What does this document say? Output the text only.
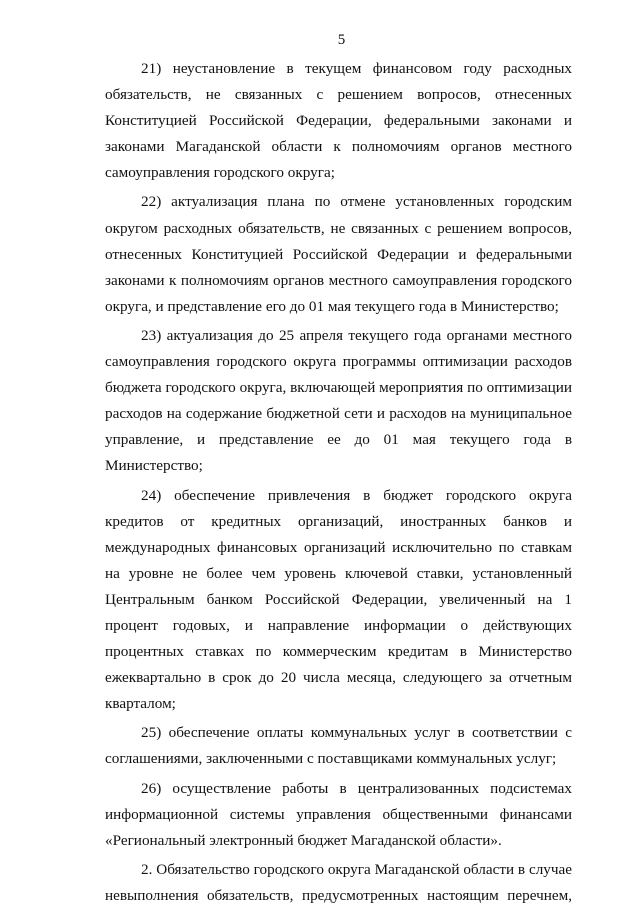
5

21) неустановление в текущем финансовом году расходных обязательств, не связанных с решением вопросов, отнесенных Конституцией Российской Федерации, федеральными законами и законами Магаданской области к полномочиям органов местного самоуправления городского округа;

22) актуализация плана по отмене установленных городским округом расходных обязательств, не связанных с решением вопросов, отнесенных Конституцией Российской Федерации и федеральными законами к полномочиям органов местного самоуправления городского округа, и представление его до 01 мая текущего года в Министерство;

23) актуализация до 25 апреля текущего года органами местного самоуправления городского округа программы оптимизации расходов бюджета городского округа, включающей мероприятия по оптимизации расходов на содержание бюджетной сети и расходов на муниципальное управление, и представление ее до 01 мая текущего года в Министерство;

24) обеспечение привлечения в бюджет городского округа кредитов от кредитных организаций, иностранных банков и международных финансовых организаций исключительно по ставкам на уровне не более чем уровень ключевой ставки, установленный Центральным банком Российской Федерации, увеличенный на 1 процент годовых, и направление информации о действующих процентных ставках по коммерческим кредитам в Министерство ежеквартально в срок до 20 числа месяца, следующего за отчетным кварталом;

25) обеспечение оплаты коммунальных услуг в соответствии с соглашениями, заключенными с поставщиками коммунальных услуг;

26) осуществление работы в централизованных подсистемах информационной системы управления общественными финансами «Региональный электронный бюджет Магаданской области».

2. Обязательство городского округа Магаданской области в случае невыполнения обязательств, предусмотренных настоящим перечнем,
